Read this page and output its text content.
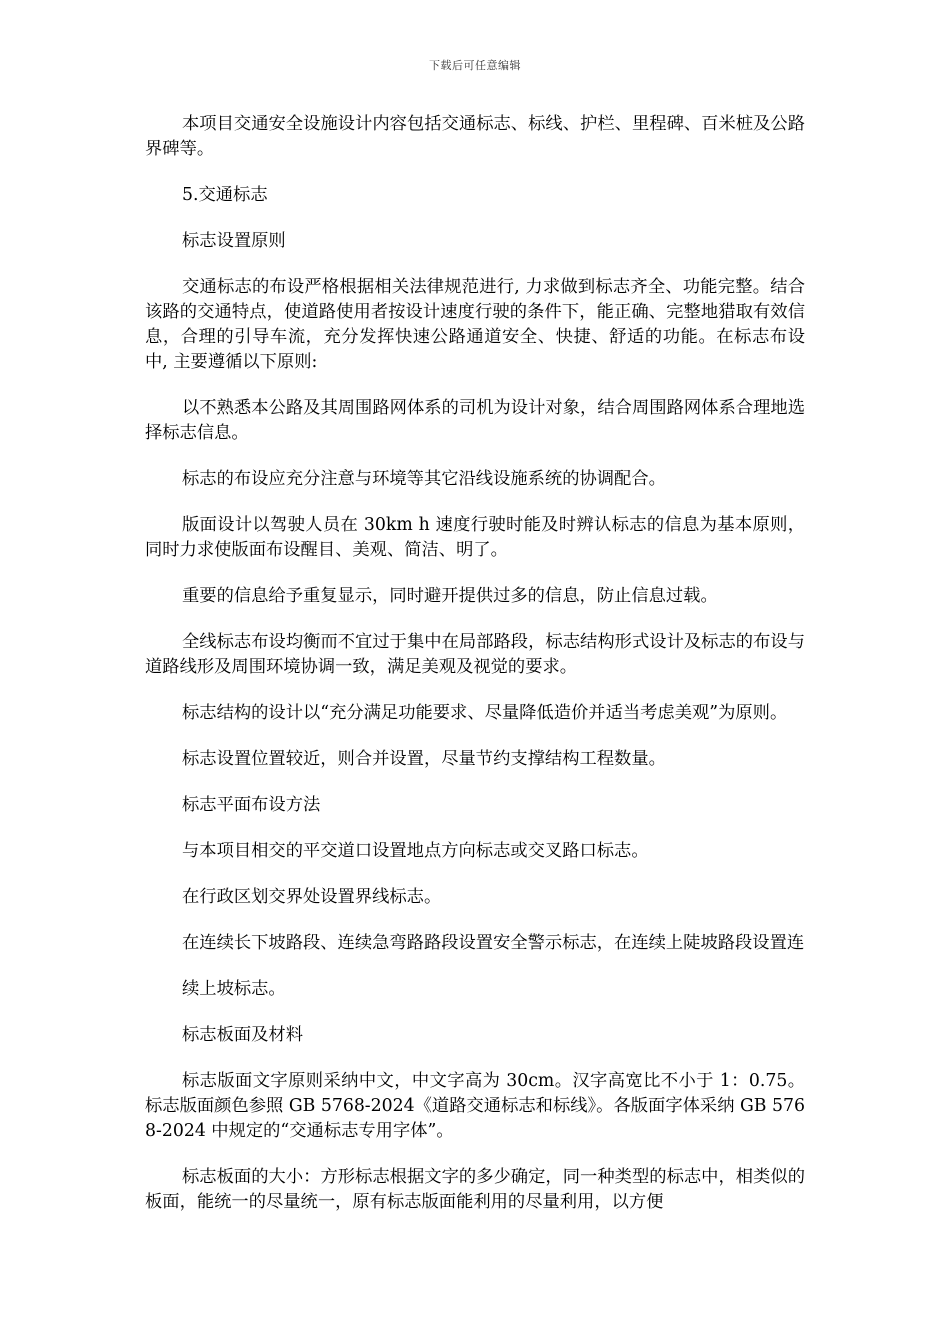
下载后可任意编辑

本项目交通安全设施设计内容包括交通标志、标线、护栏、里程碑、百米桩及公路界碑等。

5.交通标志

标志设置原则

交通标志的布设严格根据相关法律规范进行, 力求做到标志齐全、功能完整。结合该路的交通特点，使道路使用者按设计速度行驶的条件下，能正确、完整地猎取有效信息，合理的引导车流，充分发挥快速公路通道安全、快捷、舒适的功能。在标志布设中, 主要遵循以下原则:

以不熟悉本公路及其周围路网体系的司机为设计对象，结合周围路网体系合理地选择标志信息。

标志的布设应充分注意与环境等其它沿线设施系统的协调配合。

版面设计以驾驶人员在 30km h 速度行驶时能及时辨认标志的信息为基本原则，同时力求使版面布设醒目、美观、简洁、明了。

重要的信息给予重复显示，同时避开提供过多的信息，防止信息过载。

全线标志布设均衡而不宜过于集中在局部路段，标志结构形式设计及标志的布设与道路线形及周围环境协调一致，满足美观及视觉的要求。

标志结构的设计以“充分满足功能要求、尽量降低造价并适当考虑美观”为原则。

标志设置位置较近，则合并设置，尽量节约支撑结构工程数量。

标志平面布设方法

与本项目相交的平交道口设置地点方向标志或交叉路口标志。

在行政区划交界处设置界线标志。

在连续长下坡路段、连续急弯路路段设置安全警示标志，在连续上陡坡路段设置连

续上坡标志。

标志板面及材料

标志版面文字原则采纳中文，中文字高为 30cm。汉字高宽比不小于 1：0.75。标志版面颜色参照 GB 5768-2024《道路交通标志和标线》。各版面字体采纳 GB 5768-2024 中规定的“交通标志专用字体”。

标志板面的大小：方形标志根据文字的多少确定，同一种类型的标志中，相类似的板面，能统一的尽量统一，原有标志版面能利用的尽量利用，以方便
